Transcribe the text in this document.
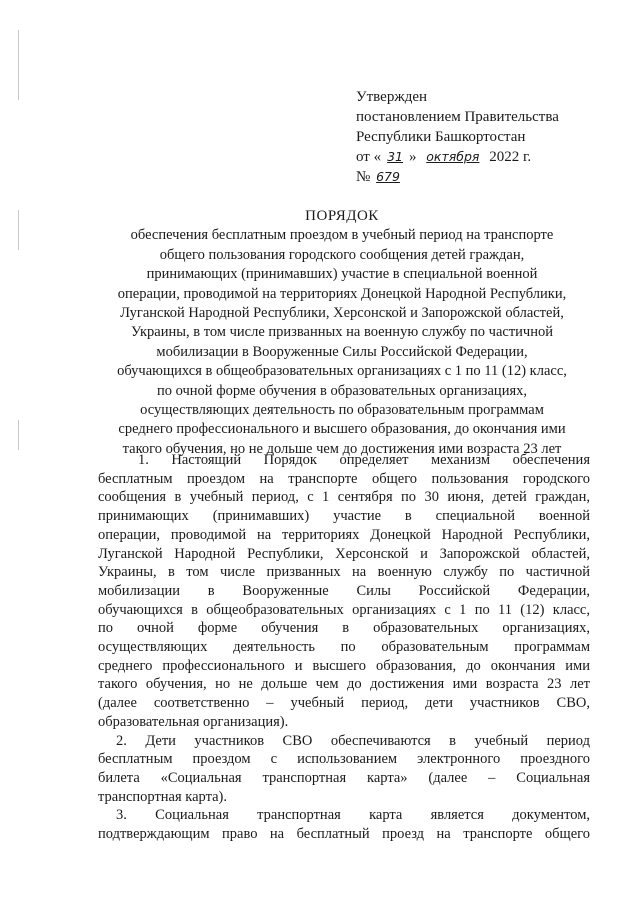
Утвержден
постановлением Правительства
Республики Башкортостан
от « 31 » октября 2022 г.
№ 679
ПОРЯДОК
обеспечения бесплатным проездом в учебный период на транспорте
общего пользования городского сообщения детей граждан,
принимающих (принимавших) участие в специальной военной
операции, проводимой на территориях Донецкой Народной Республики,
Луганской Народной Республики, Херсонской и Запорожской областей,
Украины, в том числе призванных на военную службу по частичной
мобилизации в Вооруженные Силы Российской Федерации,
обучающихся в общеобразовательных организациях с 1 по 11 (12) класс,
по очной форме обучения в образовательных организациях,
осуществляющих деятельность по образовательным программам
среднего профессионального и высшего образования, до окончания ими
такого обучения, но не дольше чем до достижения ими возраста 23 лет
1. Настоящий Порядок определяет механизм обеспечения
бесплатным проездом на транспорте общего пользования городского
сообщения в учебный период, с 1 сентября по 30 июня, детей граждан,
принимающих (принимавших) участие в специальной военной
операции, проводимой на территориях Донецкой Народной Республики,
Луганской Народной Республики, Херсонской и Запорожской областей,
Украины, в том числе призванных на военную службу по частичной
мобилизации в Вооруженные Силы Российской Федерации,
обучающихся в общеобразовательных организациях с 1 по 11 (12) класс,
по очной форме обучения в образовательных организациях,
осуществляющих деятельность по образовательным программам
среднего профессионального и высшего образования, до окончания ими
такого обучения, но не дольше чем до достижения ими возраста 23 лет
(далее соответственно – учебный период, дети участников СВО,
образовательная организация).
2. Дети участников СВО обеспечиваются в учебный период
бесплатным проездом с использованием электронного проездного
билета «Социальная транспортная карта» (далее – Социальная
транспортная карта).
3. Социальная транспортная карта является документом,
подтверждающим право на бесплатный проезд на транспорте общего
